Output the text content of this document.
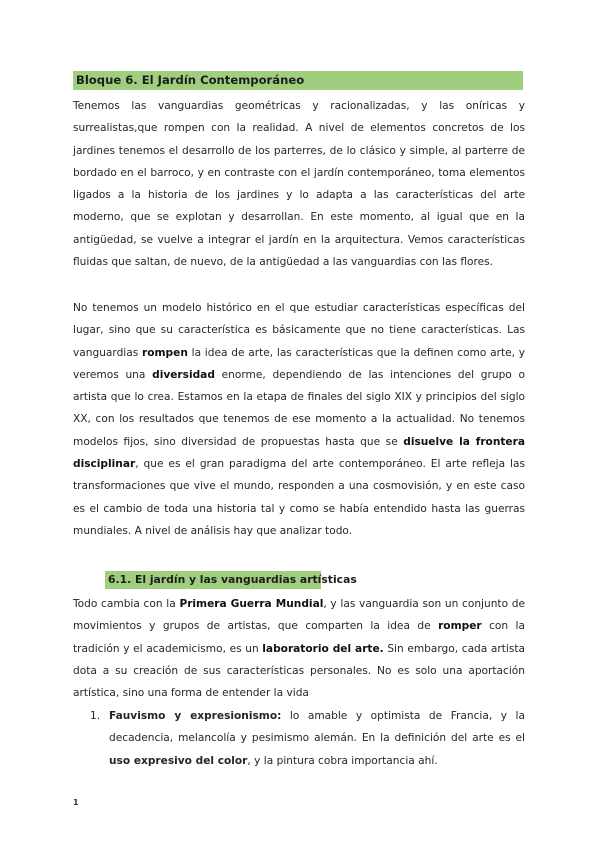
Bloque 6. El Jardín Contemporáneo

Tenemos las vanguardias geométricas y racionalizadas, y las oníricas y surrealistas,que rompen con la realidad. A nivel de elementos concretos de los jardines tenemos el desarrollo de los parterres, de lo clásico y simple, al parterre de bordado en el barroco, y en contraste con el jardín contemporáneo, toma elementos ligados a la historia de los jardines y lo adapta a las características del arte moderno, que se explotan y desarrollan. En este momento, al igual que en la antigüedad, se vuelve a integrar el jardín en la arquitectura. Vemos características fluidas que saltan, de nuevo, de la antigüedad a las vanguardias con las flores.

No tenemos un modelo histórico en el que estudiar características específicas del lugar, sino que su característica es básicamente que no tiene características. Las vanguardias rompen la idea de arte, las características que la definen como arte, y veremos una diversidad enorme, dependiendo de las intenciones del grupo o artista que lo crea. Estamos en la etapa de finales del siglo XIX y principios del siglo XX, con los resultados que tenemos de ese momento a la actualidad. No tenemos modelos fijos, sino diversidad de propuestas hasta que se disuelve la frontera disciplinar, que es el gran paradigma del arte contemporáneo. El arte refleja las transformaciones que vive el mundo, responden a una cosmovisión, y en este caso es el cambio de toda una historia tal y como se había entendido hasta las guerras mundiales. A nivel de análisis hay que analizar todo.

6.1. El jardín y las vanguardias artísticas

Todo cambia con la Primera Guerra Mundial, y las vanguardia son un conjunto de movimientos y grupos de artistas, que comparten la idea de romper con la tradición y el academicismo, es un laboratorio del arte. Sin embargo, cada artista dota a su creación de sus características personales. No es solo una aportación artística, sino una forma de entender la vida

1. Fauvismo y expresionismo: lo amable y optimista de Francia, y la decadencia, melancolía y pesimismo alemán. En la definición del arte es el uso expresivo del color, y la pintura cobra importancia ahí.
1
